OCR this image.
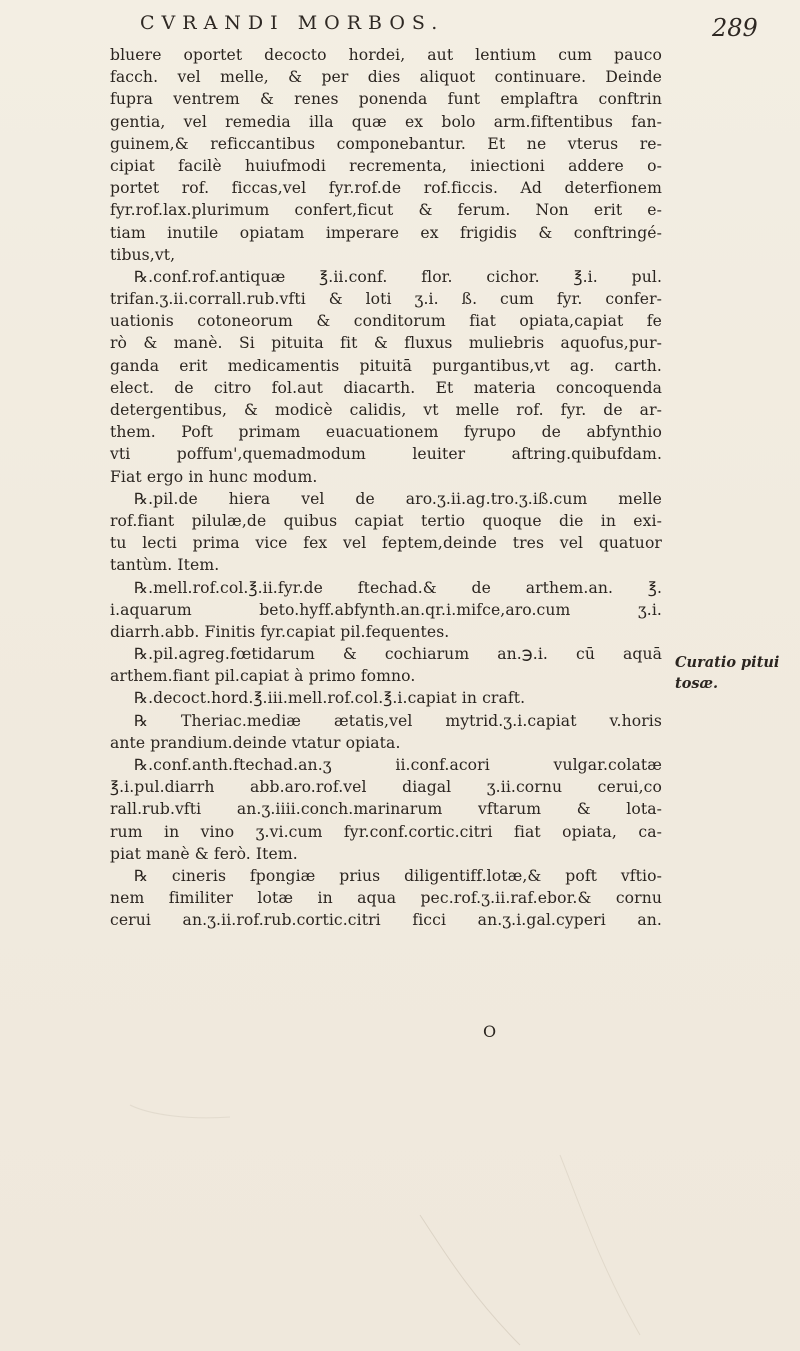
CVRANDI MORBOS.	289
bluere oportet decocto hordei, aut lentium cum pauco
facch. vel melle, & per dies aliquot continuare. Deinde
fupra ventrem & renes ponenda funt emplaftra conftrin
gentia, vel remedia illa quæ ex bolo arm.fiftentibus fan-
guinem,& reficcantibus componebantur. Et ne vterus re-
cipiat facilè huiufmodi recrementa, iniectioni addere o-
portet rof. ficcas,vel fyr.rof.de rof.ficcis. Ad deterfionem
fyr.rof.lax.plurimum confert,ficut & ferum. Non erit e-
tiam inutile opiatam imperare ex frigidis & conftringé-
tibus,vt,
℞.conf.rof.antiquæ ℥.ii.conf. flor. cichor. ℥.i. pul.
trifan.ʒ.ii.corrall.rub.vfti & loti ʒ.i. ß. cum fyr. confer-
uationis cotoneorum & conditorum fiat opiata,capiat fe
rò & manè. Si pituita fit & fluxus muliebris aquofus,pur-
ganda erit medicamentis pituitā purgantibus,vt ag. carth.
elect. de citro fol.aut diacarth. Et materia concoquenda
detergentibus, & modicè calidis, vt melle rof. fyr. de ar-
them. Poft primam euacuationem fyrupo de abfynthio
vti poffum',quemadmodum leuiter aftring.quibufdam.
Fiat ergo in hunc modum.
℞.pil.de hiera vel de aro.ʒ.ii.ag.tro.ʒ.iß.cum melle
rof.fiant pilulæ,de quibus capiat tertio quoque die in exi-
tu lecti prima vice fex vel feptem,deinde tres vel quatuor
tantùm. Item.
℞.mell.rof.col.℥.ii.fyr.de ftechad.& de arthem.an. ℥.
i.aquarum beto.hyff.abfynth.an.qr.i.mifce,aro.cum ʒ.i.
diarrh.abb. Finitis fyr.capiat pil.fequentes.
℞.pil.agreg.fœtidarum & cochiarum an.℈.i. cū aquā
arthem.fiant pil.capiat à primo fomno.
℞.decoct.hord.℥.iii.mell.rof.col.℥.i.capiat in craft.
℞ Theriac.mediæ ætatis,vel mytrid.ʒ.i.capiat v.horis
ante prandium.deinde vtatur opiata.
℞.conf.anth.ftechad.an.ʒ ii.conf.acori vulgar.colatæ
℥.i.pul.diarrh abb.aro.rof.vel diagal ʒ.ii.cornu cerui,co
rall.rub.vfti an.ʒ.iiii.conch.marinarum vftarum & lota-
rum in vino ʒ.vi.cum fyr.conf.cortic.citri fiat opiata, ca-
piat manè & ferò. Item.
℞ cineris fpongiæ prius diligentiff.lotæ,& poft vftio-
nem fimiliter lotæ in aqua pec.rof.ʒ.ii.raf.ebor.& cornu
cerui an.ʒ.ii.rof.rub.cortic.citri ficci an.ʒ.i.gal.cyperi an.
Curatio pitui
tosæ.
O
